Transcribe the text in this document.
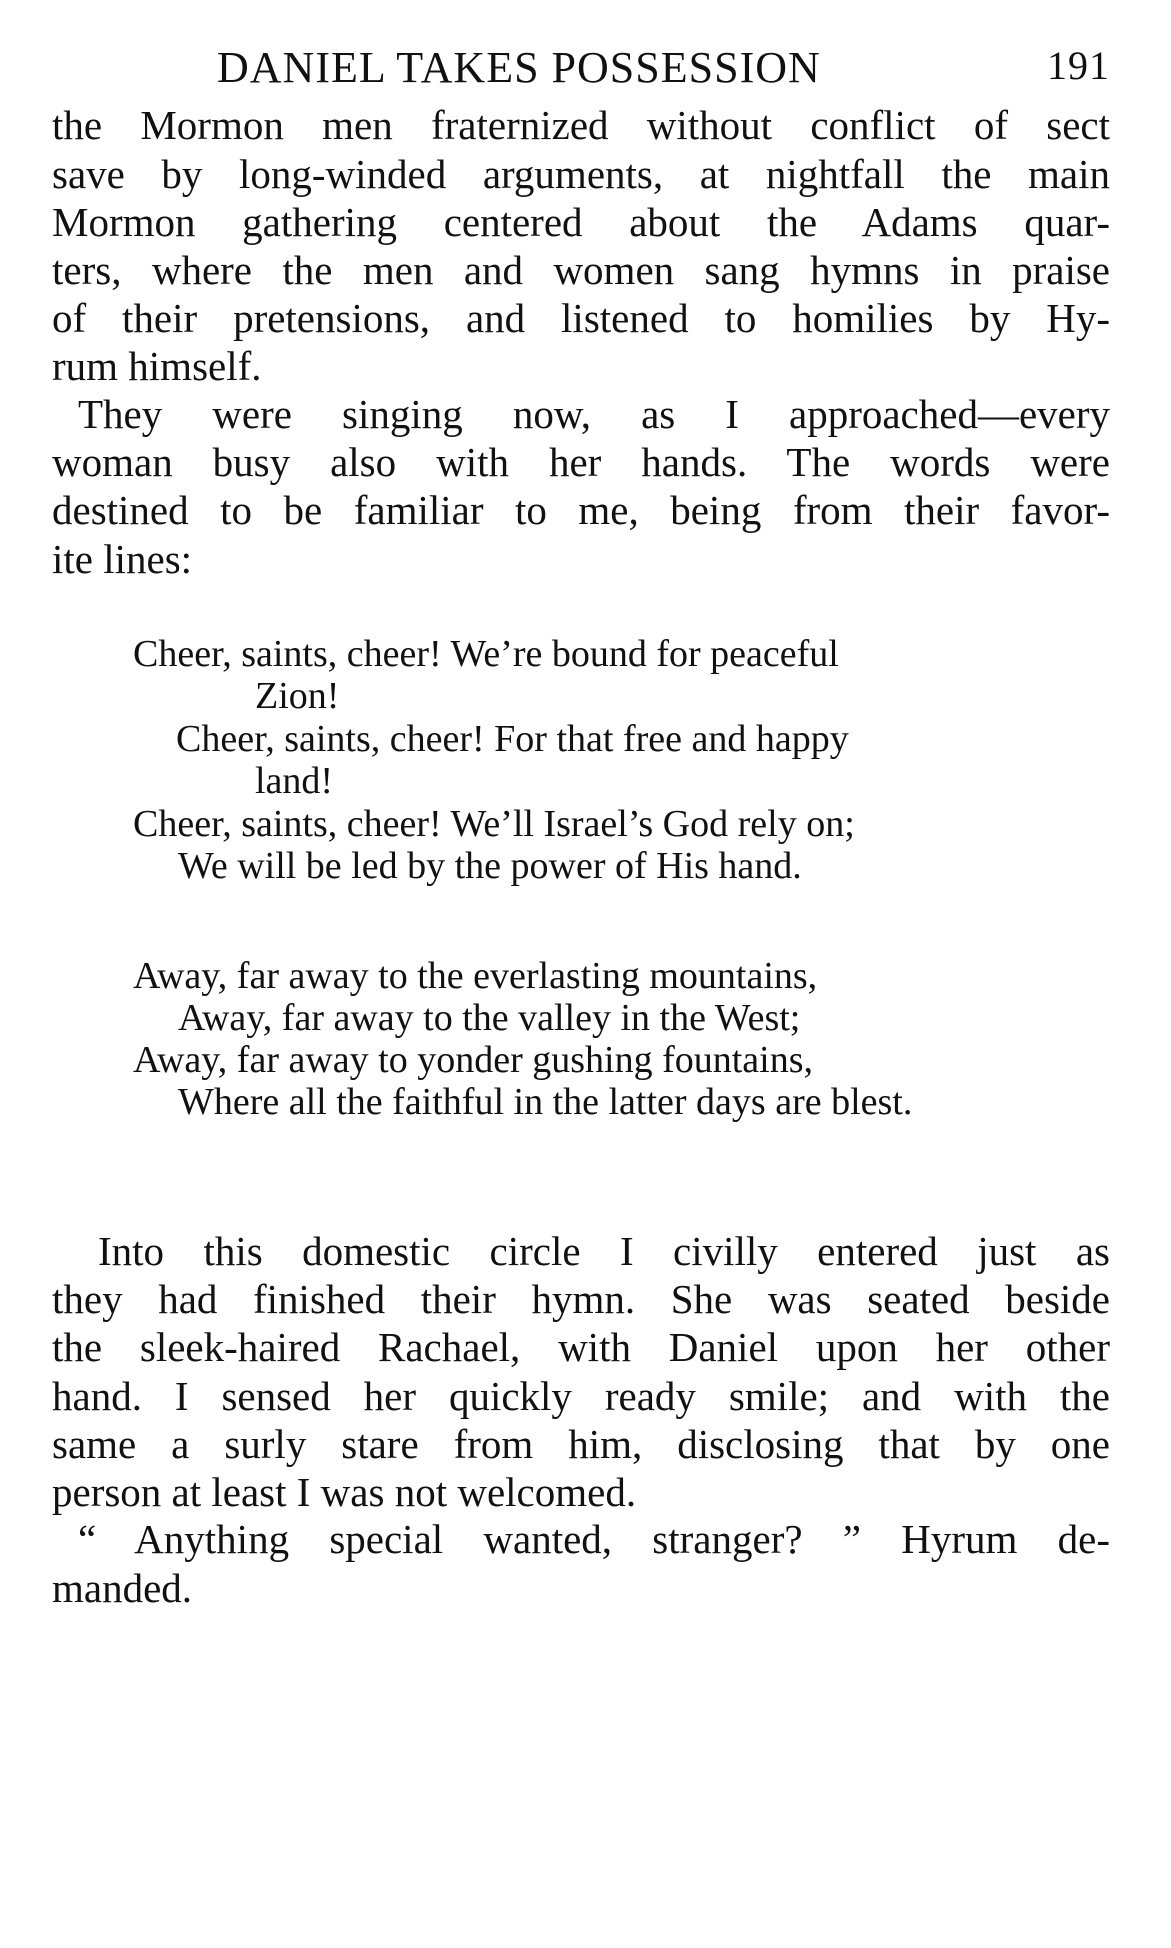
DANIEL TAKES POSSESSION	191
the Mormon men fraternized without conflict of sect
save by long-winded arguments, at nightfall the main
Mormon gathering centered about the Adams quar-
ters, where the men and women sang hymns in praise
of their pretensions, and listened to homilies by Hy-
rum himself.
They were singing now, as I approached—every
woman busy also with her hands. The words were
destined to be familiar to me, being from their favor-
ite lines:
Cheer, saints, cheer! We’re bound for peaceful
Zion!
Cheer, saints, cheer! For that free and happy
land!
Cheer, saints, cheer! We’ll Israel’s God rely on;
We will be led by the power of His hand.
Away, far away to the everlasting mountains,
Away, far away to the valley in the West;
Away, far away to yonder gushing fountains,
Where all the faithful in the latter days are blest.
Into this domestic circle I civilly entered just as
they had finished their hymn. She was seated beside
the sleek-haired Rachael, with Daniel upon her other
hand. I sensed her quickly ready smile; and with the
same a surly stare from him, disclosing that by one
person at least I was not welcomed.
“ Anything special wanted, stranger? ” Hyrum de-
manded.
